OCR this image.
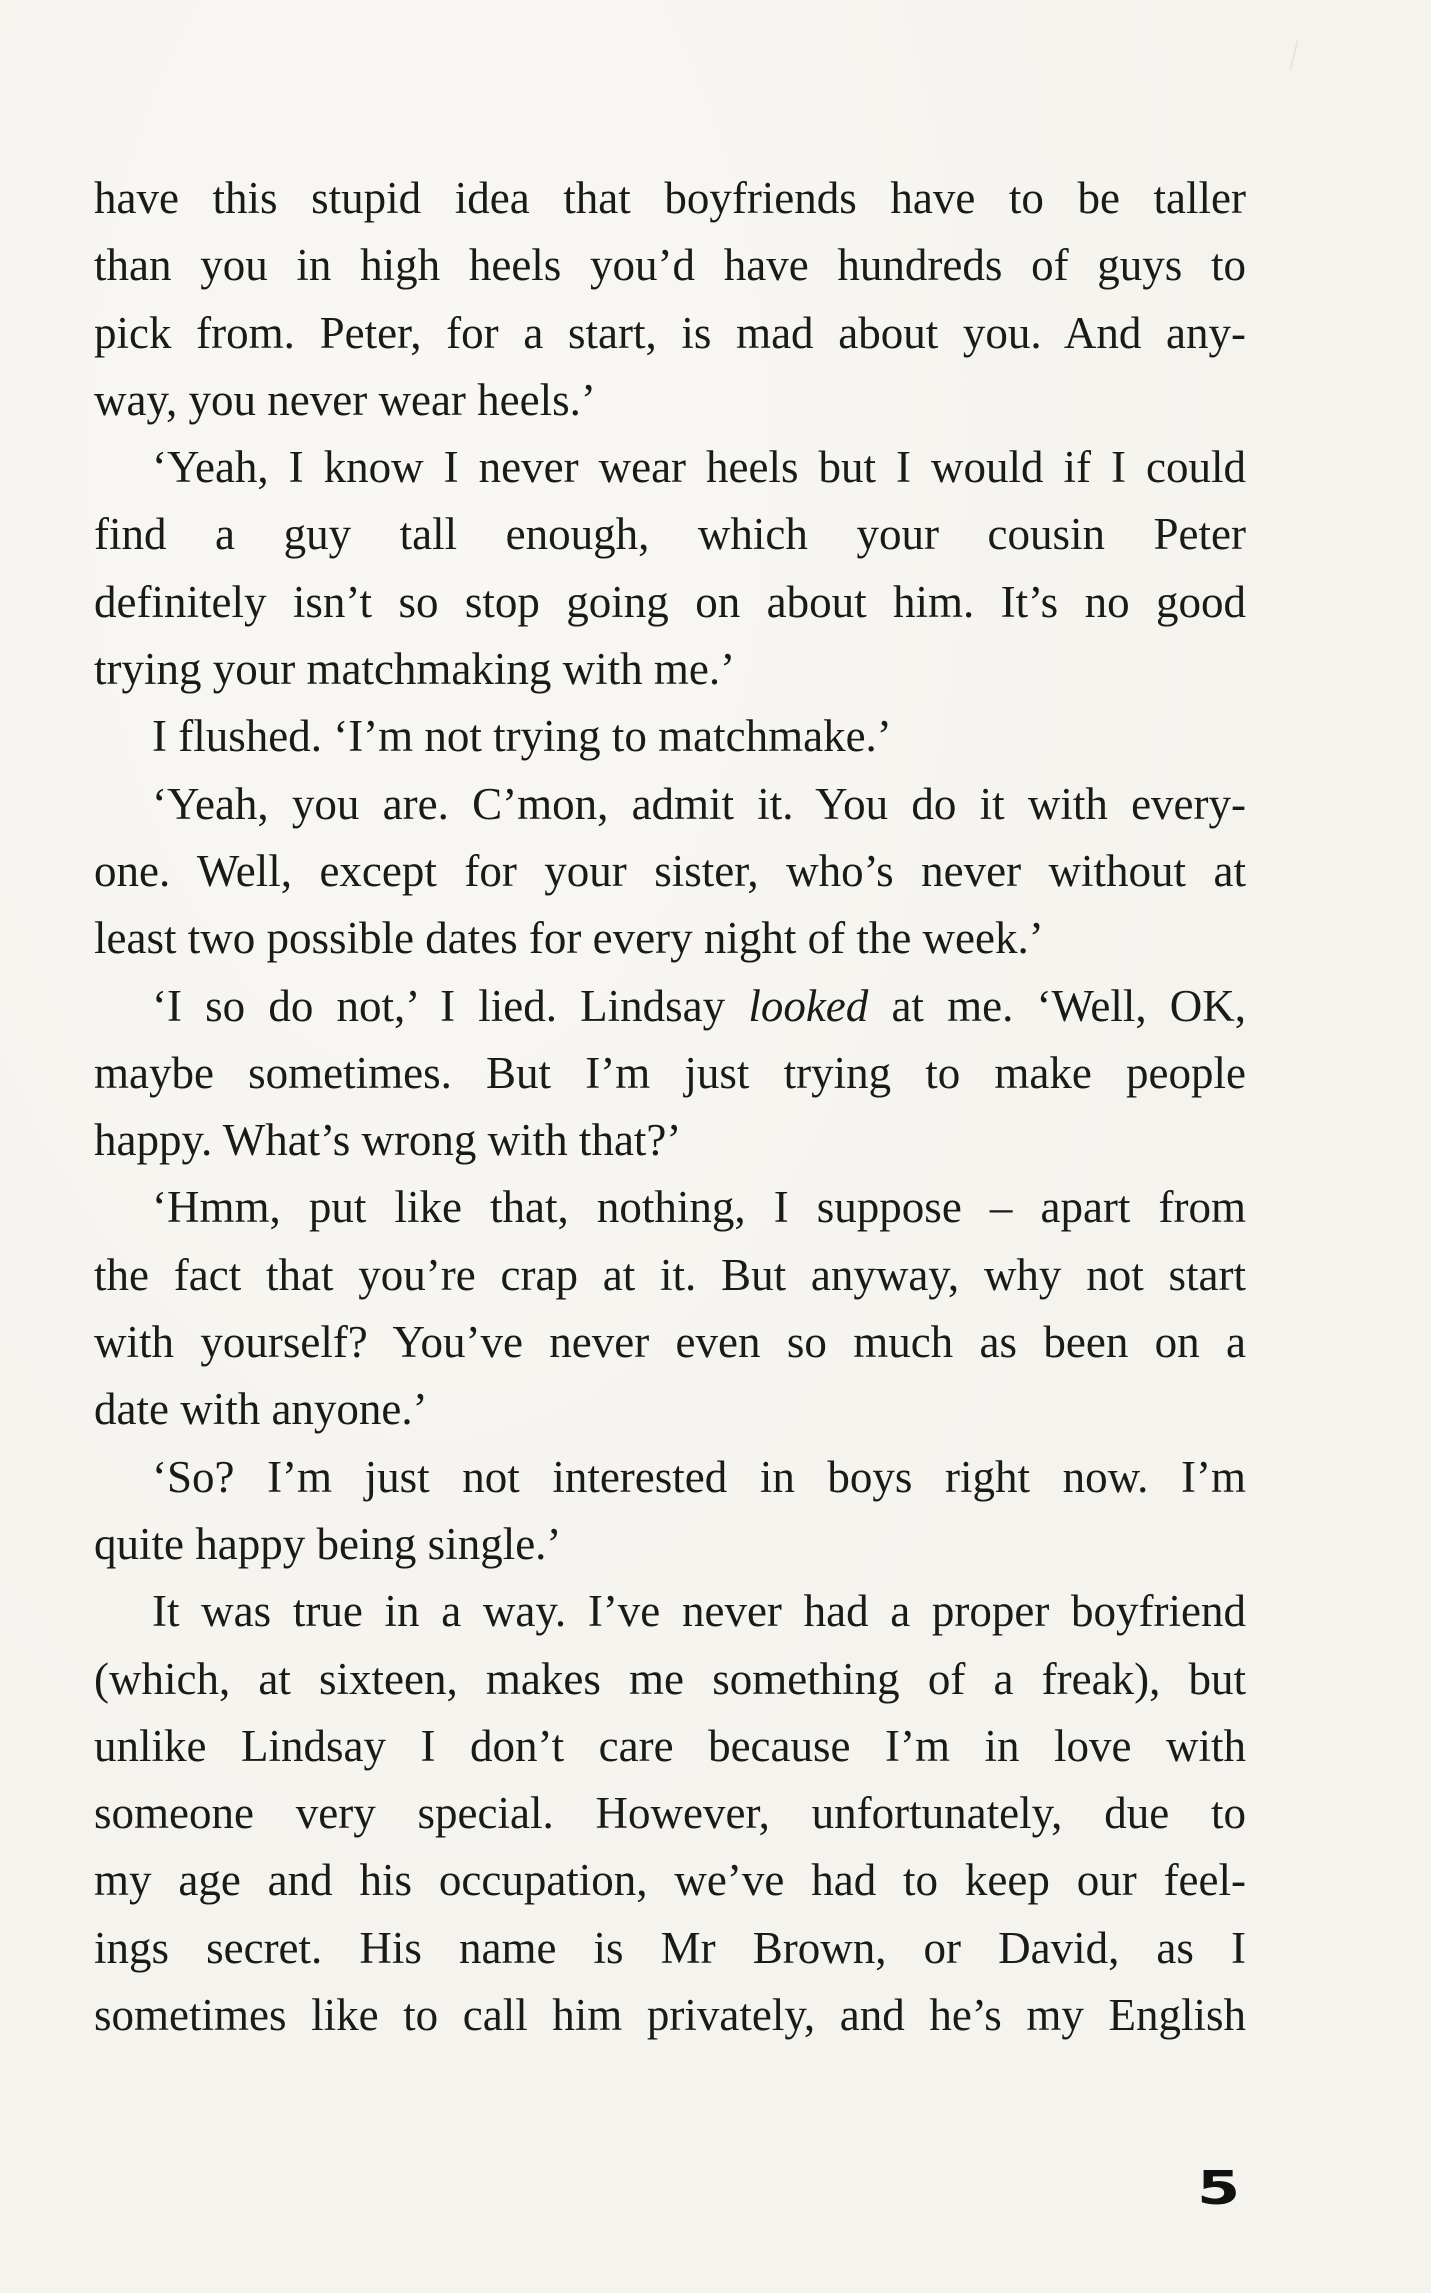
have this stupid idea that boyfriends have to be taller
than you in high heels you’d have hundreds of guys to
pick from. Peter, for a start, is mad about you. And any-
way, you never wear heels.’
‘Yeah, I know I never wear heels but I would if I could
find a guy tall enough, which your cousin Peter
definitely isn’t so stop going on about him. It’s no good
trying your matchmaking with me.’
I flushed. ‘I’m not trying to matchmake.’
‘Yeah, you are. C’mon, admit it. You do it with every-
one. Well, except for your sister, who’s never without at
least two possible dates for every night of the week.’
‘I so do not,’ I lied. Lindsay looked at me. ‘Well, OK,
maybe sometimes. But I’m just trying to make people
happy. What’s wrong with that?’
‘Hmm, put like that, nothing, I suppose – apart from
the fact that you’re crap at it. But anyway, why not start
with yourself? You’ve never even so much as been on a
date with anyone.’
‘So? I’m just not interested in boys right now. I’m
quite happy being single.’
It was true in a way. I’ve never had a proper boyfriend
(which, at sixteen, makes me something of a freak), but
unlike Lindsay I don’t care because I’m in love with
someone very special. However, unfortunately, due to
my age and his occupation, we’ve had to keep our feel-
ings secret. His name is Mr Brown, or David, as I
sometimes like to call him privately, and he’s my English
5
